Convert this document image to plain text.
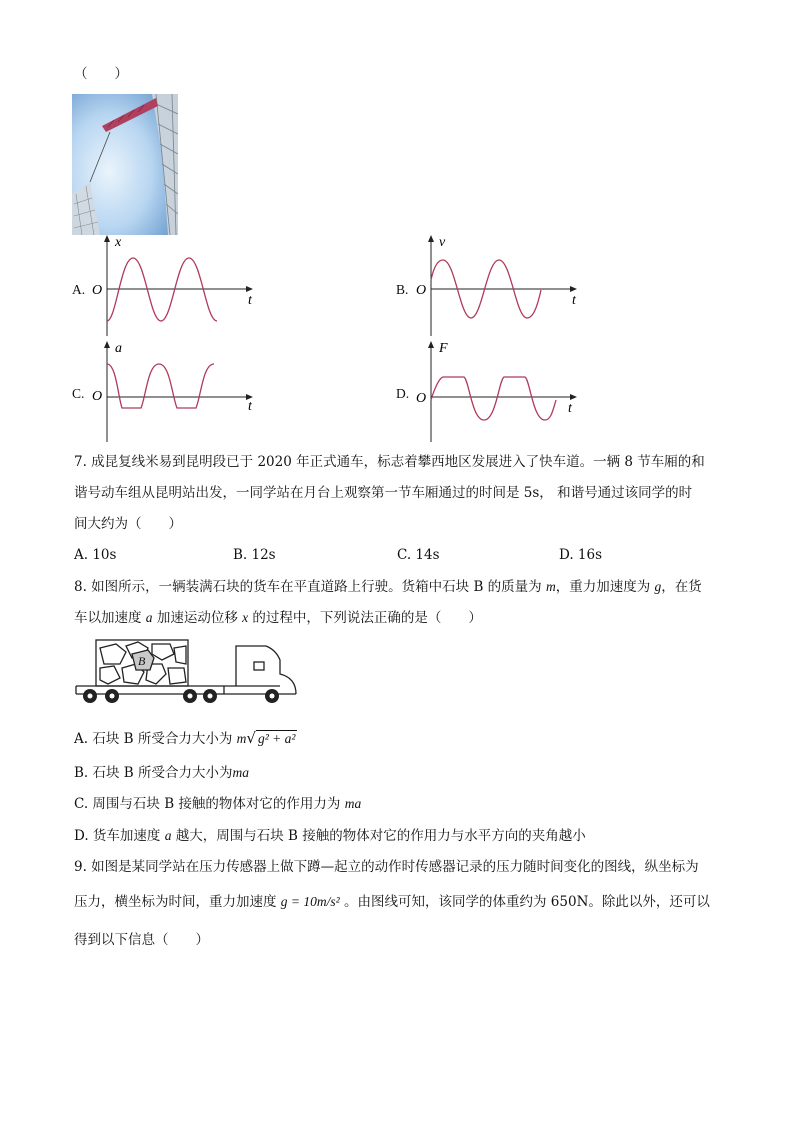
（　　）
A.
x
O
t
B.
v
O
t
C.
a
O
t
D.
F
O
t
7. 成昆复线米易到昆明段已于 2020 年正式通车，标志着攀西地区发展进入了快车道。一辆 8 节车厢的和
谐号动车组从昆明站出发，一同学站在月台上观察第一节车厢通过的时间是 5s， 和谐号通过该同学的时
间大约为（　　）
A. 10s	B. 12s	C. 14s	D. 16s
8. 如图所示，一辆装满石块的货车在平直道路上行驶。货箱中石块 B 的质量为 m，重力加速度为 g，在货
车以加速度 a 加速运动位移 x 的过程中，下列说法正确的是（　　）
B
A. 石块 B 所受合力大小为 m√ g² + a²
B. 石块 B 所受合力大小为ma
C. 周围与石块 B 接触的物体对它的作用力为 ma
D. 货车加速度 a 越大，周围与石块 B 接触的物体对它的作用力与水平方向的夹角越小
9. 如图是某同学站在压力传感器上做下蹲—起立的动作时传感器记录的压力随时间变化的图线，纵坐标为
压力，横坐标为时间，重力加速度 g = 10m/s² 。由图线可知，该同学的体重约为 650N。除此以外，还可以
得到以下信息（　　）
